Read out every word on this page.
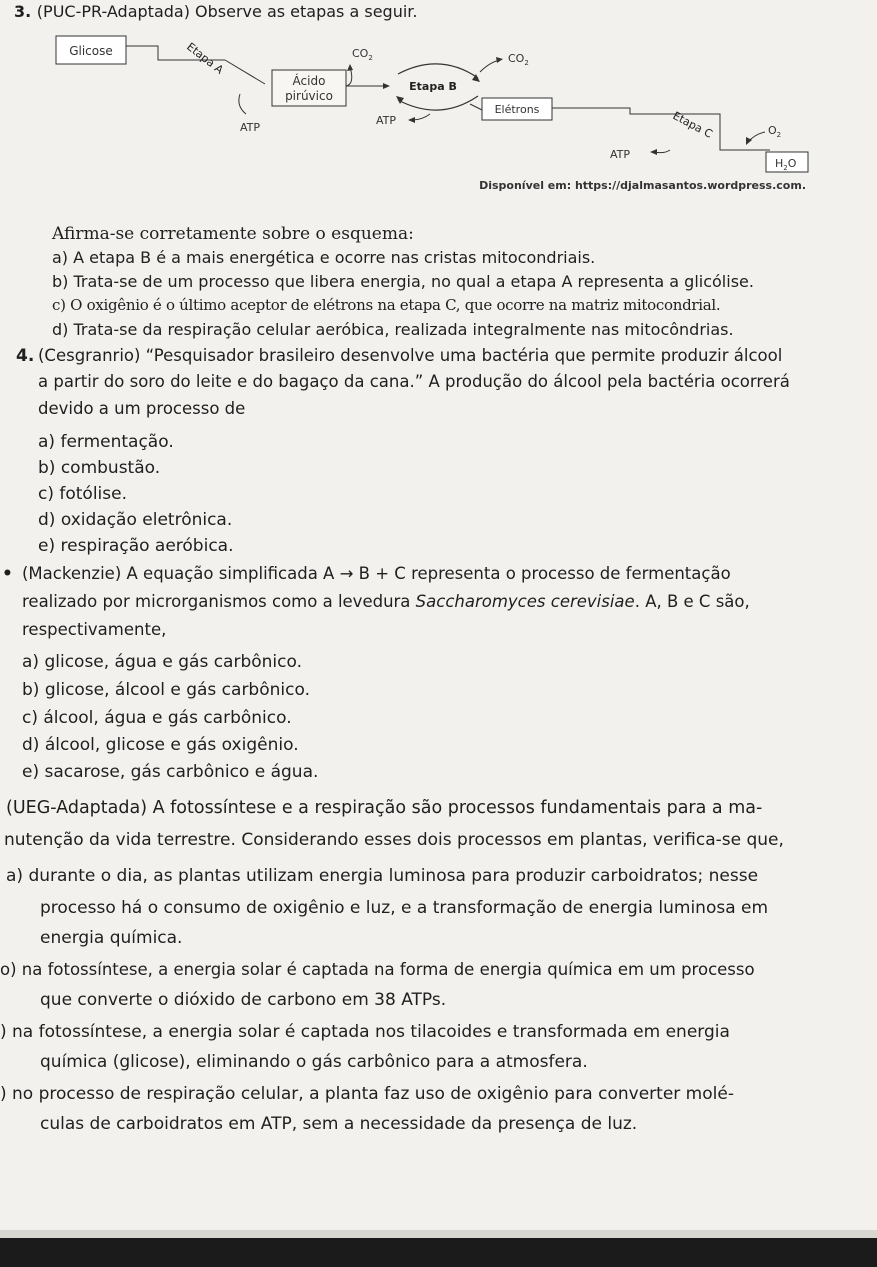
3. (PUC-PR-Adaptada) Observe as etapas a seguir.
Glicose	Etapa A
Ácido
pirúvico
ATP
$CO_2$
Etapa B
$CO_2$
ATP
Elétrons	Etapa C	$O_2$
ATP
$H_2O$
Disponível em: https://djalmasantos.wordpress.com.
Afirma-se corretamente sobre o esquema:
a) A etapa B é a mais energética e ocorre nas cristas mitocondriais.
b) Trata-se de um processo que libera energia, no qual a etapa A representa a glicólise.
c) O oxigênio é o último aceptor de elétrons na etapa C, que ocorre na matriz mitocondrial.
d) Trata-se da respiração celular aeróbica, realizada integralmente nas mitocôndrias.
4. (Cesgranrio) “Pesquisador brasileiro desenvolve uma bactéria que permite produzir álcool
a partir do soro do leite e do bagaço da cana.” A produção do álcool pela bactéria ocorrerá
devido a um processo de
a) fermentação.
b) combustão.
c) fotólise.
d) oxidação eletrônica.
e) respiração aeróbica.
• (Mackenzie) A equação simplificada A → B + C representa o processo de fermentação
realizado por microrganismos como a levedura Saccharomyces cerevisiae. A, B e C são,
respectivamente,
a) glicose, água e gás carbônico.
b) glicose, álcool e gás carbônico.
c) álcool, água e gás carbônico.
d) álcool, glicose e gás oxigênio.
e) sacarose, gás carbônico e água.
(UEG-Adaptada) A fotossíntese e a respiração são processos fundamentais para a ma-
nutenção da vida terrestre. Considerando esses dois processos em plantas, verifica-se que,
a) durante o dia, as plantas utilizam energia luminosa para produzir carboidratos; nesse
processo há o consumo de oxigênio e luz, e a transformação de energia luminosa em
energia química.
o) na fotossíntese, a energia solar é captada na forma de energia química em um processo
que converte o dióxido de carbono em 38 ATPs.
) na fotossíntese, a energia solar é captada nos tilacoides e transformada em energia
química (glicose), eliminando o gás carbônico para a atmosfera.
) no processo de respiração celular, a planta faz uso de oxigênio para converter molé-
culas de carboidratos em ATP, sem a necessidade da presença de luz.
